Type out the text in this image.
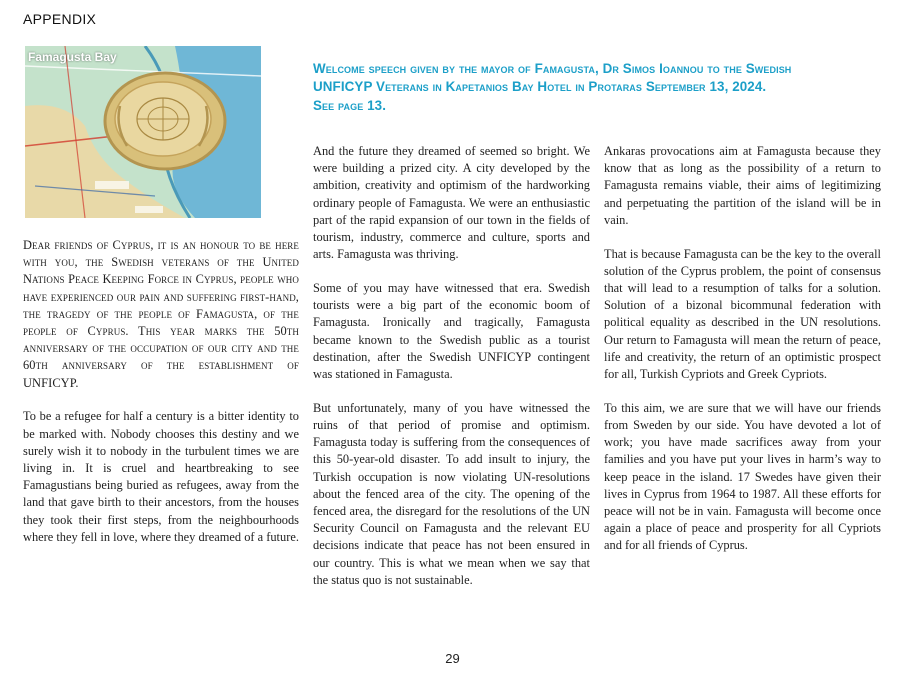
APPENDIX
Famagusta Bay
Welcome speech given by the mayor of Famagusta, Dr Simos Ioannou to the Swedish
UNFICYP Veterans in Kapetanios Bay Hotel in Protaras September 13, 2024.
See page 13.

Dear friends of Cyprus, it is an honour to be here with you, the Swedish veterans of the United Nations Peace Keeping Force in Cyprus, people who have experienced our pain and suffering first-hand, the tragedy of the people of Famagusta, of the people of Cyprus. This year marks the 50th anniversary of the occupation of our city and the 60th anniversary of the establishment of UNFICYP.

To be a refugee for half a century is a bitter identity to be marked with. Nobody chooses this destiny and we surely wish it to nobody in the turbulent times we are living in. It is cruel and heartbreaking to see Famagustians being buried as refugees, away from the land that gave birth to their ancestors, from the houses they took their first steps, from the neighbourhoods where they fell in love, where they dreamed of a future.

And the future they dreamed of seemed so bright. We were building a prized city. A city developed by the ambition, creativity and optimism of the hardworking ordinary people of Famagusta. We were an enthusiastic part of the rapid expansion of our town in the fields of tourism, industry, commerce and culture, sports and arts. Famagusta was thriving.

Some of you may have witnessed that era. Swedish tourists were a big part of the economic boom of Famagusta. Ironically and tragically, Famagusta became known to the Swedish public as a tourist destination, after the Swedish UNFICYP contingent was stationed in Famagusta.

But unfortunately, many of you have witnessed the ruins of that period of promise and optimism. Famagusta today is suffering from the consequences of this 50-year-old disaster. To add insult to injury, the Turkish occupation is now violating UN-resolutions about the fenced area of the city. The opening of the fenced area, the disregard for the resolutions of the UN Security Council on Famagusta and the relevant EU decisions indicate that peace has not been ensured in our country. This is what we mean when we say that the status quo is not sustainable.

Ankaras provocations aim at Famagusta because they know that as long as the possibility of a return to Famagusta remains viable, their aims of legitimizing and perpetuating the partition of the island will be in vain.

That is because Famagusta can be the key to the overall solution of the Cyprus problem, the point of consensus that will lead to a resumption of talks for a solution. Solution of a bizonal bicommunal federation with political equality as described in the UN resolutions. Our return to Famagusta will mean the return of peace, life and creativity, the return of an optimistic prospect for all, Turkish Cypriots and Greek Cypriots.

To this aim, we are sure that we will have our friends from Sweden by our side. You have devoted a lot of work; you have made sacrifices away from your families and you have put your lives in harm’s way to keep peace in the island. 17 Swedes have given their lives in Cyprus from 1964 to 1987. All these efforts for peace will not be in vain. Famagusta will become once again a place of peace and prosperity for all Cypriots and for all friends of Cyprus.

29
